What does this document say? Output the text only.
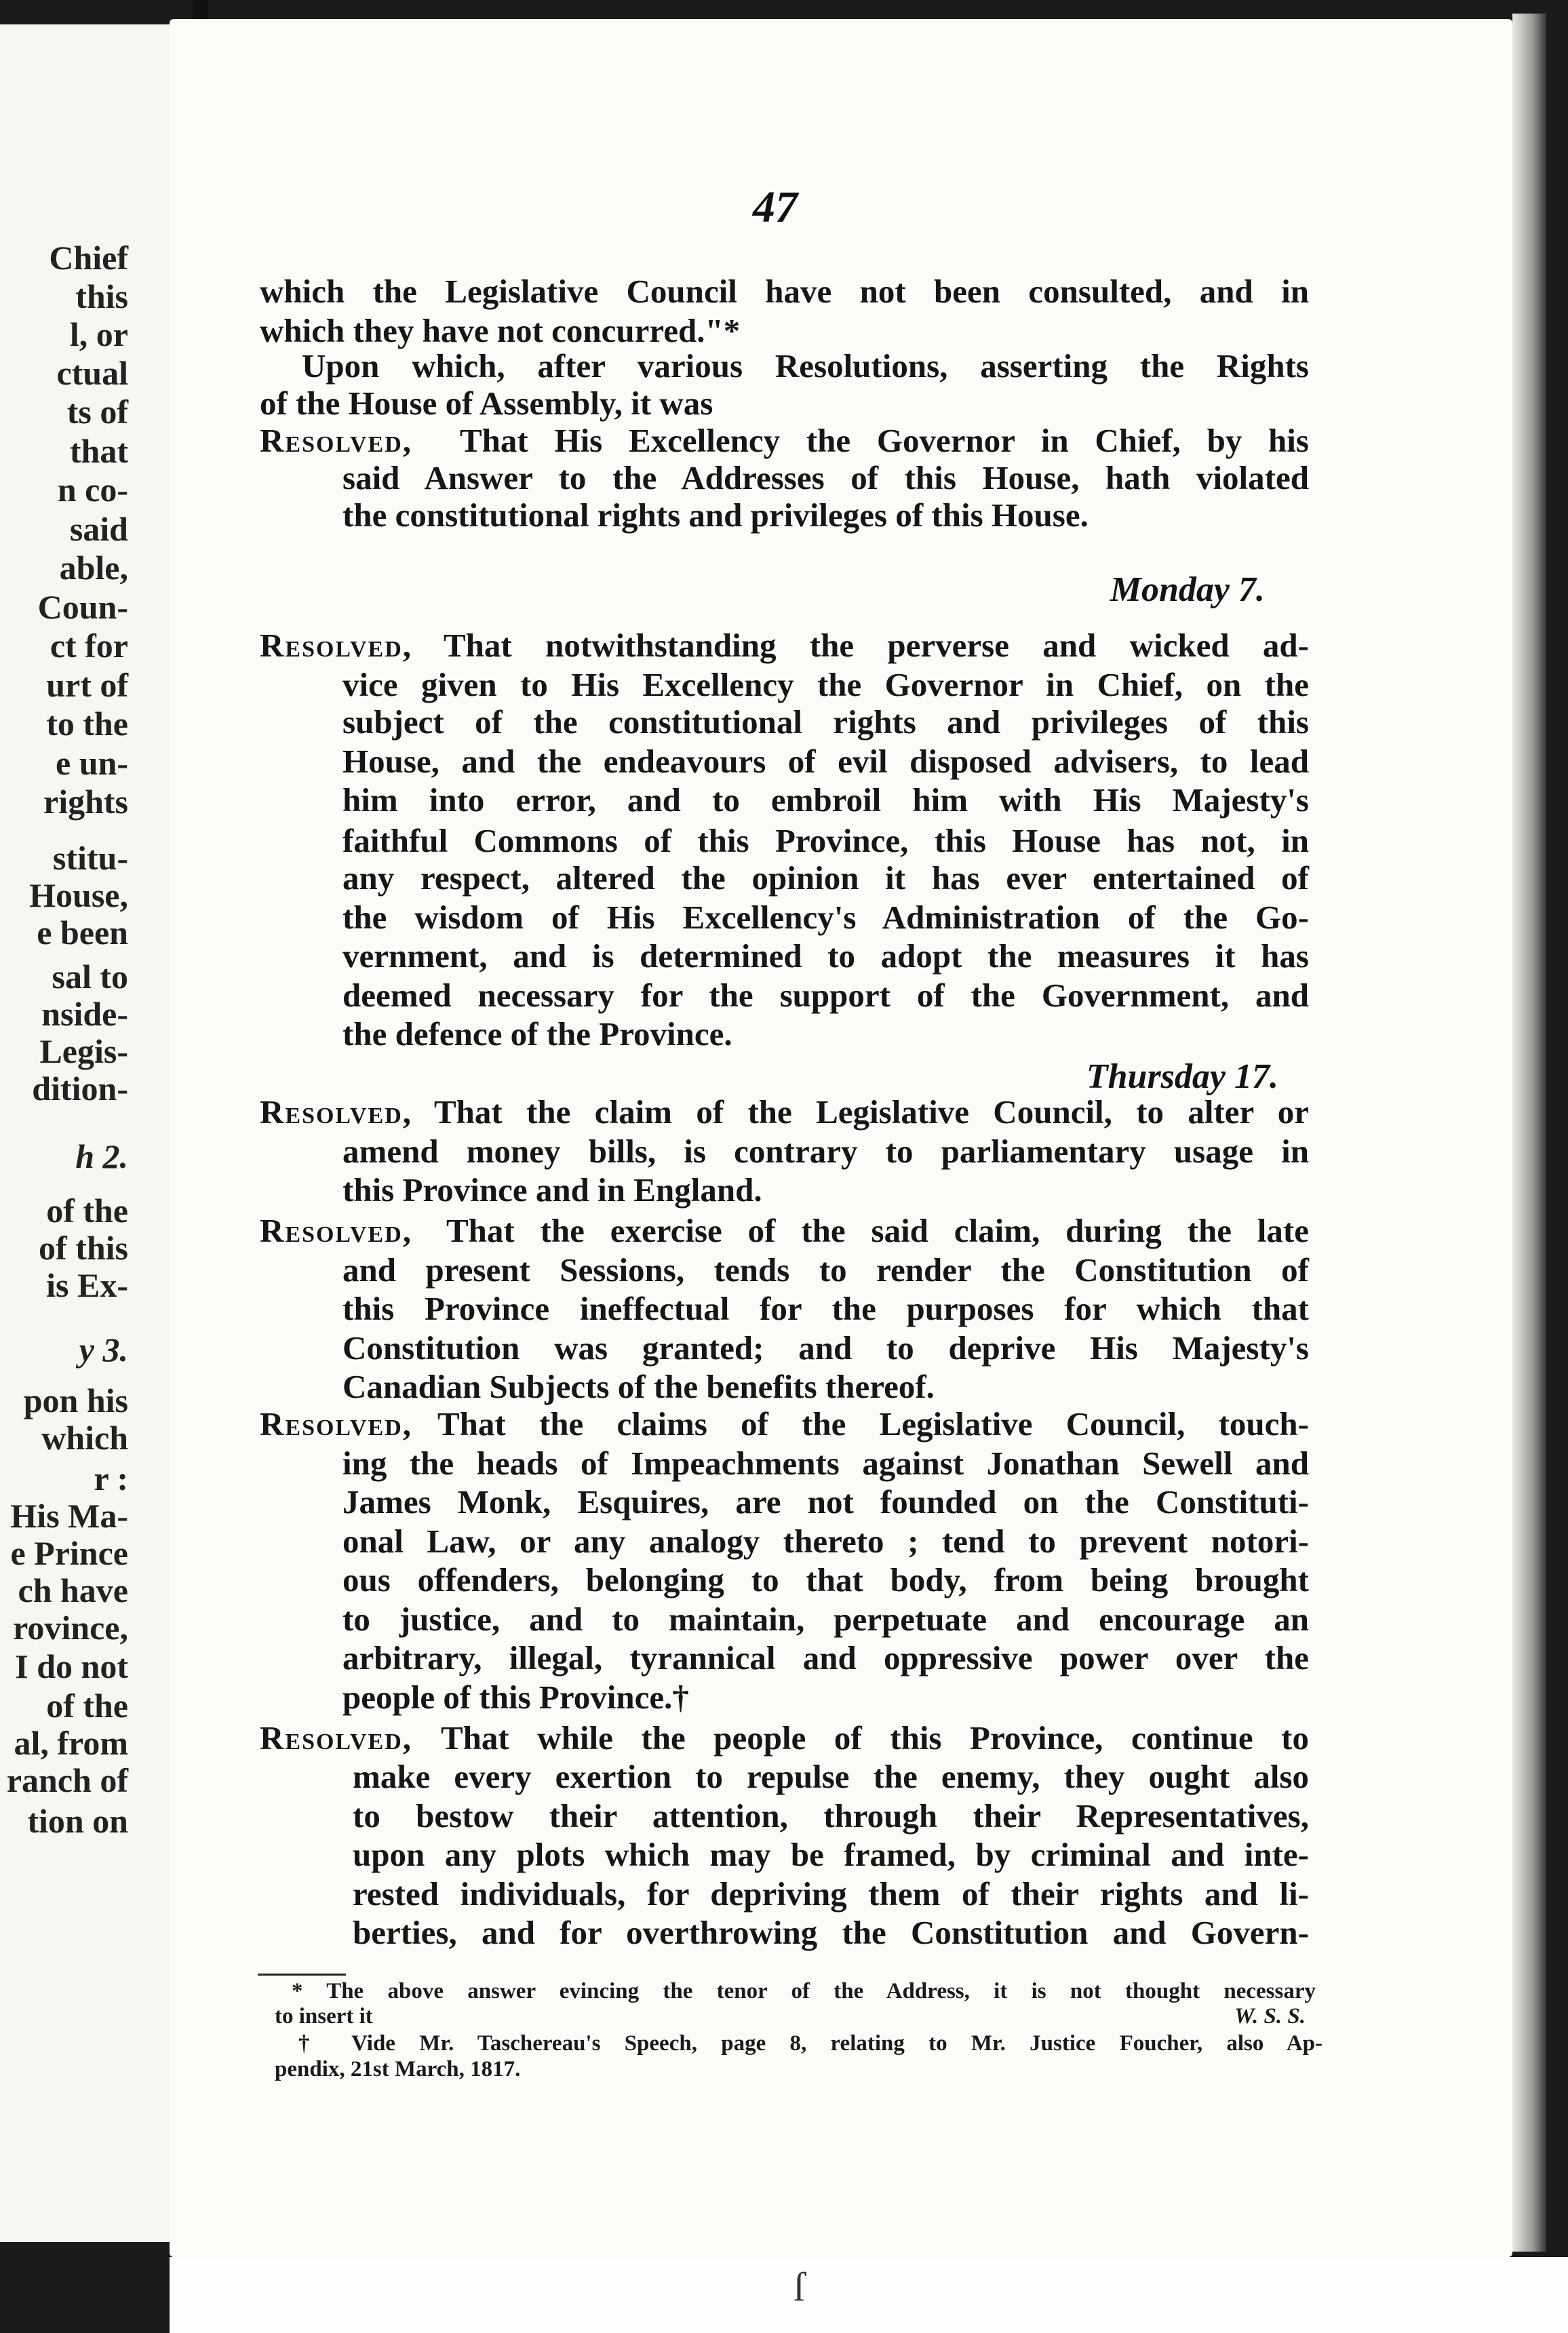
Chief
this
l, or
ctual
ts of
that
n co-
said
able,
Coun-
ct for
urt of
to the
e un-
rights
stitu-
House,
e been
sal to
nside-
Legis-
dition-
h 2.
of the
of this
is Ex-
y 3.
pon his
which
r :
His Ma-
e Prince
ch have
rovince,
I do not
of the
al, from
ranch of
tion on
ſ
47
which the Legislative Council have not been consulted, and in
which they have not concurred."*
Upon which, after various Resolutions, asserting the Rights
of the House of Assembly, it was
Resolved, That His Excellency the Governor in Chief, by his
said Answer to the Addresses of this House, hath violated
the constitutional rights and privileges of this House.
Monday 7.
Resolved, That notwithstanding the perverse and wicked ad-
vice given to His Excellency the Governor in Chief, on the
subject of the constitutional rights and privileges of this
House, and the endeavours of evil disposed advisers, to lead
him into error, and to embroil him with His Majesty's
faithful Commons of this Province, this House has not, in
any respect, altered the opinion it has ever entertained of
the wisdom of His Excellency's Administration of the Go-
vernment, and is determined to adopt the measures it has
deemed necessary for the support of the Government, and
the defence of the Province.
Thursday 17.
Resolved, That the claim of the Legislative Council, to alter or
amend money bills, is contrary to parliamentary usage in
this Province and in England.
Resolved, That the exercise of the said claim, during the late
and present Sessions, tends to render the Constitution of
this Province ineffectual for the purposes for which that
Constitution was granted; and to deprive His Majesty's
Canadian Subjects of the benefits thereof.
Resolved, That the claims of the Legislative Council, touch-
ing the heads of Impeachments against Jonathan Sewell and
James Monk, Esquires, are not founded on the Constituti-
onal Law, or any analogy thereto ; tend to prevent notori-
ous offenders, belonging to that body, from being brought
to justice, and to maintain, perpetuate and encourage an
arbitrary, illegal, tyrannical and oppressive power over the
people of this Province.†
Resolved, That while the people of this Province, continue to
make every exertion to repulse the enemy, they ought also
to bestow their attention, through their Representatives,
upon any plots which may be framed, by criminal and inte-
rested individuals, for depriving them of their rights and li-
berties, and for overthrowing the Constitution and Govern-
* The above answer evincing the tenor of the Address, it is not thought necessary
to insert it	W. S. S.
† Vide Mr. Taschereau's Speech, page 8, relating to Mr. Justice Foucher, also Ap-
pendix, 21st March, 1817.
